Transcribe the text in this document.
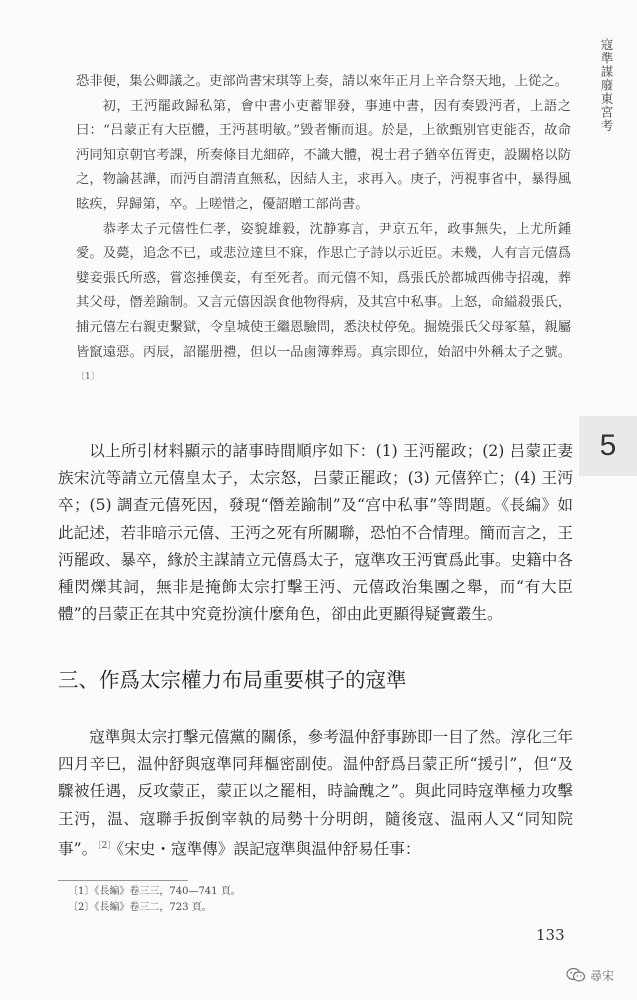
寇準謀廢東宮考
5

恐非便，集公卿議之。吏部尚書宋琪等上奏，請以來年正月上辛合祭天地，上從之。

初，王沔罷政歸私第，會中書小吏蓄罪發，事連中書，因有奏毀沔者，上語之曰：“吕蒙正有大臣體，王沔甚明敏。”毀者慚而退。於是，上欲甄别官吏能否，故命沔同知京朝官考課，所奏條目尤細碎，不識大體，視士君子猶卒伍胥吏，設關格以防之，物論甚譁，而沔自謂清直無私，因結人主，求再入。庚子，沔視事省中，暴得風眩疾，舁歸第，卒。上嗟惜之，優詔贈工部尚書。

恭孝太子元僖性仁孝，姿貌雄毅，沈静寡言，尹京五年，政事無失，上尤所鍾愛。及薨，追念不已，或悲泣達旦不寐，作思亡子詩以示近臣。未幾，人有言元僖爲嬖妾張氏所惑，嘗恣捶僕妾，有至死者。而元僖不知，爲張氏於都城西佛寺招魂，葬其父母，僭差踰制。又言元僖因誤食他物得病，及其宫中私事。上怒，命縊殺張氏，捕元僖左右親吏繫獄，令皇城使王繼恩驗問，悉決杖停免。掘燒張氏父母冢墓，親屬皆竄遠惡。丙辰，詔罷册禮，但以一品鹵簿葬焉。真宗即位，始詔中外稱太子之號。$^{〔1〕}$

以上所引材料顯示的諸事時間順序如下：(1) 王沔罷政；(2) 吕蒙正妻族宋沆等請立元僖皇太子，太宗怒，吕蒙正罷政；(3) 元僖猝亡；(4) 王沔卒；(5) 調查元僖死因，發現“僭差踰制”及“宫中私事”等問題。《長編》如此記述，若非暗示元僖、王沔之死有所關聯，恐怕不合情理。簡而言之，王沔罷政、暴卒，緣於主謀請立元僖爲太子，寇準攻王沔實爲此事。史籍中各種閃爍其詞，無非是掩飾太宗打擊王沔、元僖政治集團之舉，而“有大臣體”的吕蒙正在其中究竟扮演什麼角色，卻由此更顯得疑竇叢生。

三、作爲太宗權力布局重要棋子的寇準

寇準與太宗打擊元僖黨的關係，參考温仲舒事跡即一目了然。淳化三年四月辛巳，温仲舒與寇準同拜樞密副使。温仲舒爲吕蒙正所“援引”，但“及驟被任遇，反攻蒙正，蒙正以之罷相，時論醜之”。與此同時寇準極力攻擊王沔，温、寇聯手扳倒宰執的局勢十分明朗，隨後寇、温兩人又“同知院事”。$^{〔2〕}$《宋史・寇準傳》誤記寇準與温仲舒易任事：

〔1〕《長編》卷三三，740—741 頁。
〔2〕《長編》卷三二，723 頁。
133
尋宋
